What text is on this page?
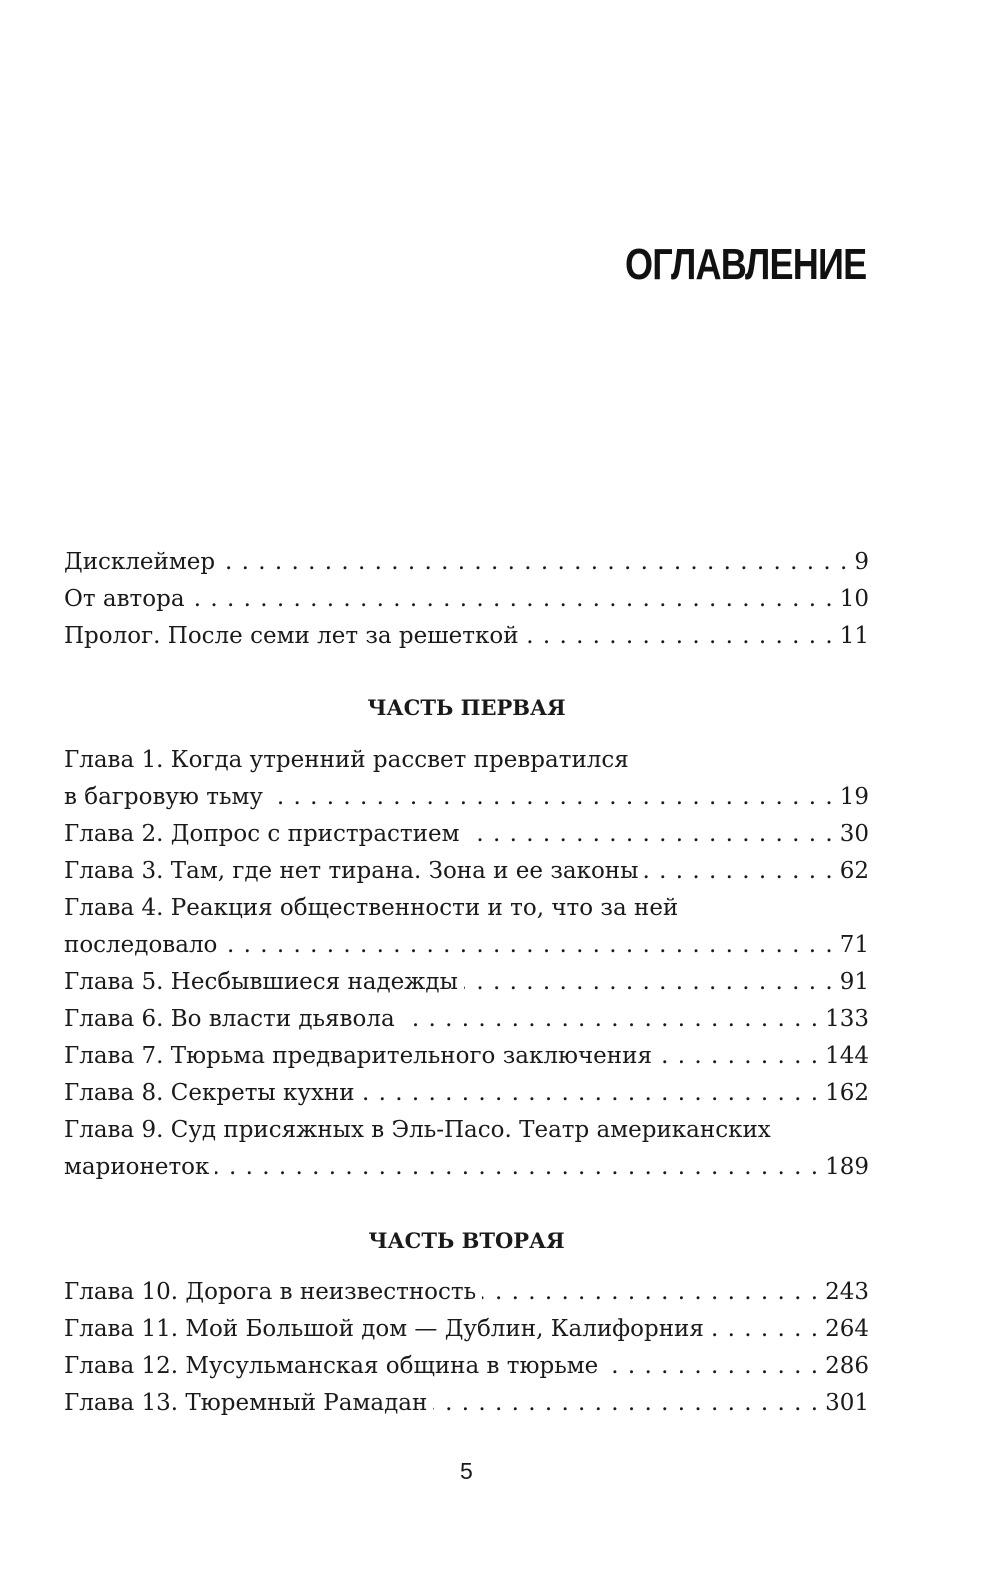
ОГЛАВЛЕНИЕ
Дисклеймер . . .	9
От автора . . .	10
Пролог. После семи лет за решеткой . . .	11
ЧАСТЬ ПЕРВАЯ
Глава 1. Когда утренний рассвет превратился
в багровую тьму . . .	19
Глава 2. Допрос с пристрастием . . .	30
Глава 3. Там, где нет тирана. Зона и ее законы . . .	62
Глава 4. Реакция общественности и то, что за ней
последовало . . .	71
Глава 5. Несбывшиеся надежды . . .	91
Глава 6. Во власти дьявола . . .	133
Глава 7. Тюрьма предварительного заключения . . .	144
Глава 8. Секреты кухни . . .	162
Глава 9. Суд присяжных в Эль-Пасо. Театр американских
марионеток . . .	189
ЧАСТЬ ВТОРАЯ
Глава 10. Дорога в неизвестность . . .	243
Глава 11. Мой Большой дом — Дублин, Калифорния . . .	264
Глава 12. Мусульманская община в тюрьме . . .	286
Глава 13. Тюремный Рамадан . . .	301
5
